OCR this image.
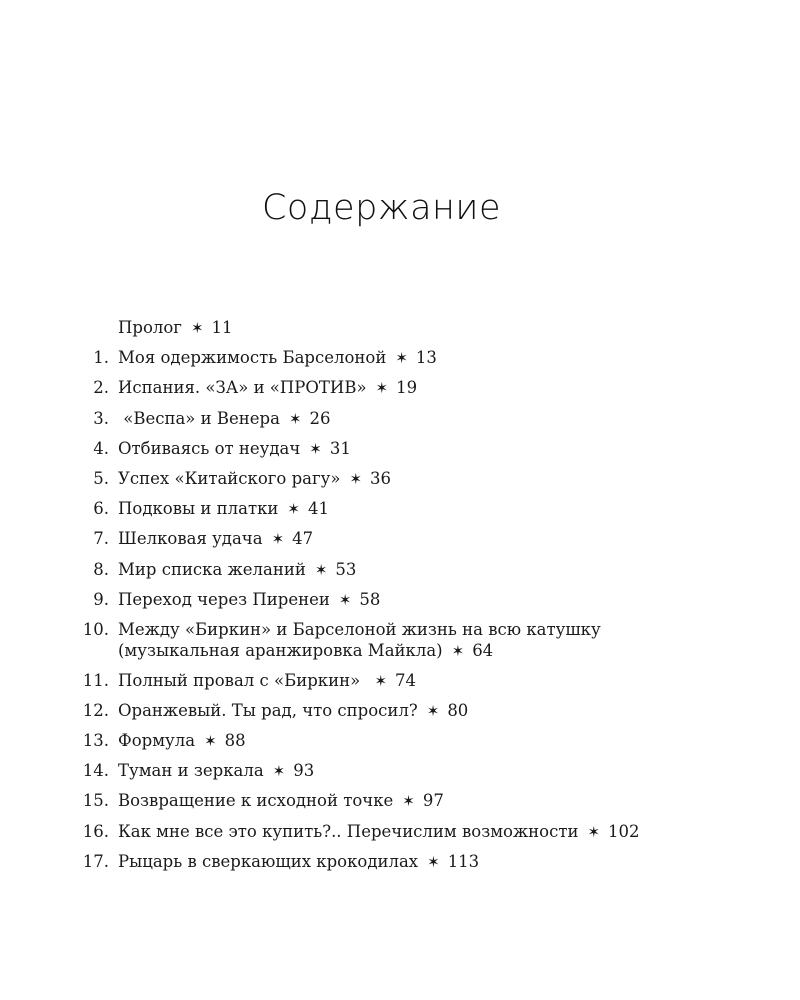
Содержание
Пролог ✶ 11
1. Моя одержимость Барселоной ✶ 13
2. Испания. «ЗА» и «ПРОТИВ» ✶ 19
3. «Веспа» и Венера ✶ 26
4. Отбиваясь от неудач ✶ 31
5. Успех «Китайского рагу» ✶ 36
6. Подковы и платки ✶ 41
7. Шелковая удача ✶ 47
8. Мир списка желаний ✶ 53
9. Переход через Пиренеи ✶ 58
10. Между «Биркин» и Барселоной жизнь на всю катушку
(музыкальная аранжировка Майкла) ✶ 64
11. Полный провал с «Биркин» ✶ 74
12. Оранжевый. Ты рад, что спросил? ✶ 80
13. Формула ✶ 88
14. Туман и зеркала ✶ 93
15. Возвращение к исходной точке ✶ 97
16. Как мне все это купить?.. Перечислим возможности ✶ 102
17. Рыцарь в сверкающих крокодилах ✶ 113
